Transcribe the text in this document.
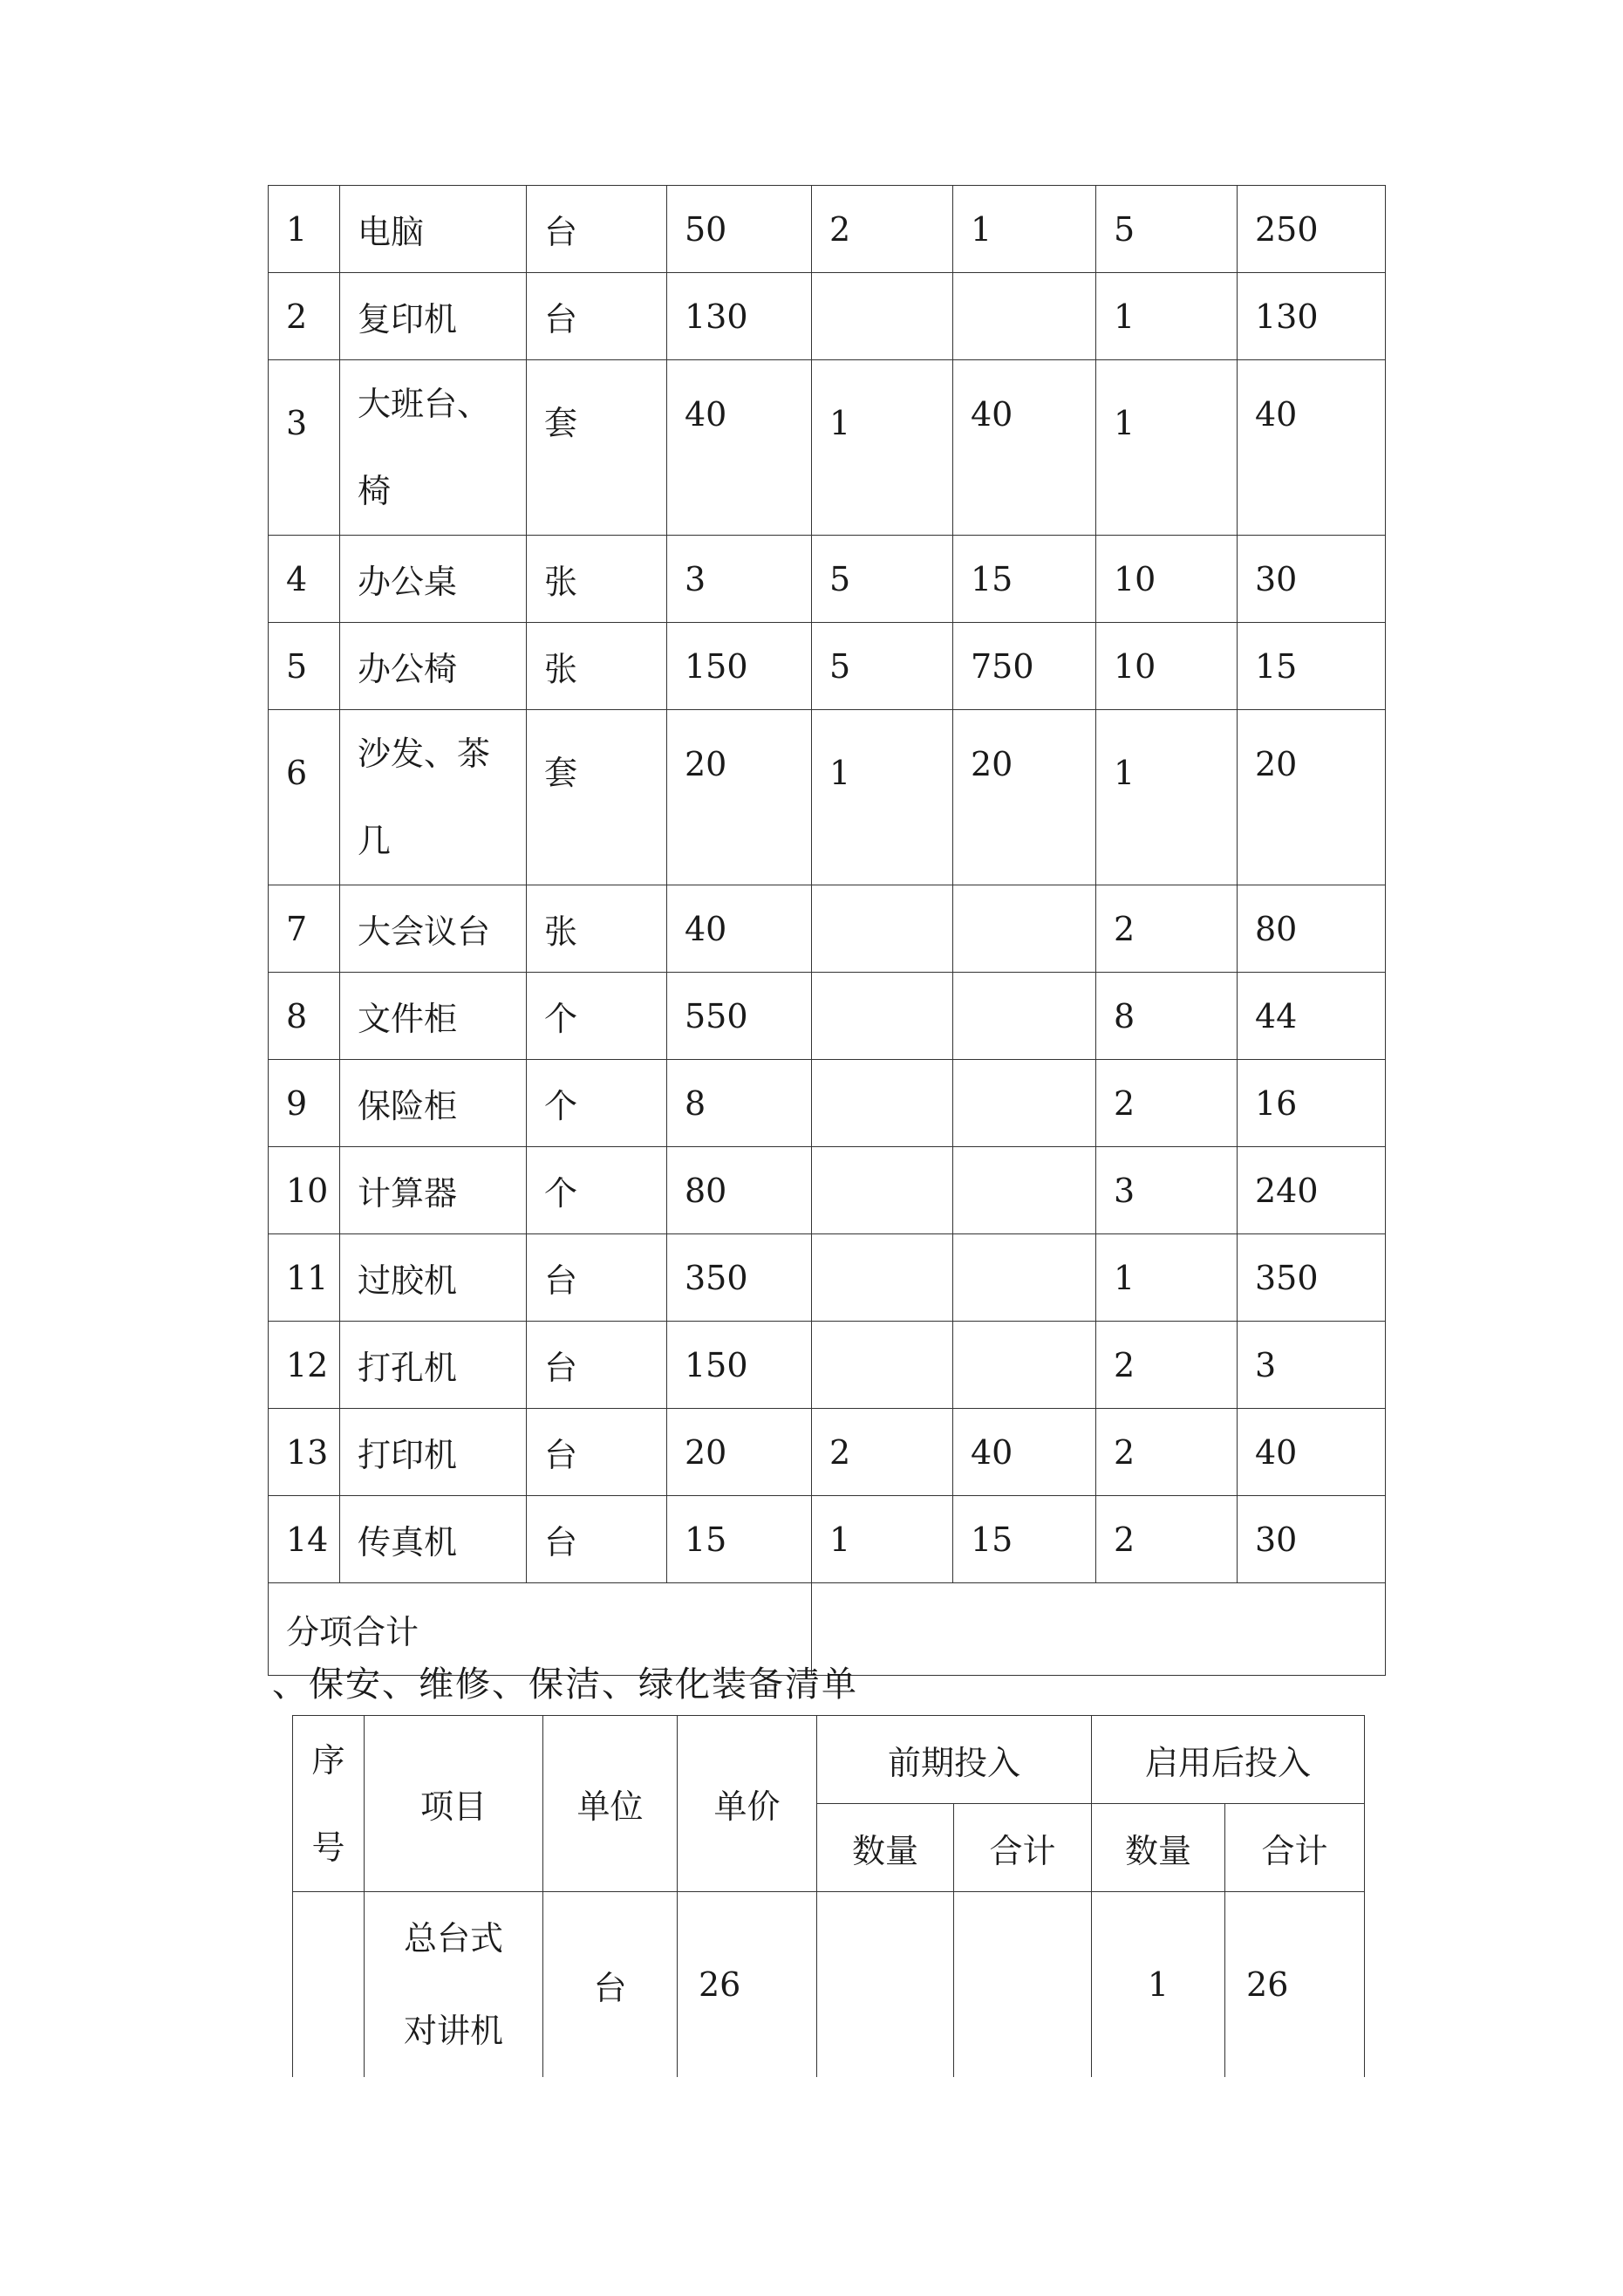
1	电脑	台	50	2	1	5	250
2	复印机	台	130			1	130
3	大班台、椅	套	40	1	40	1	40
4	办公桌	张	3	5	15	10	30
5	办公椅	张	150	5	750	10	15
6	沙发、茶几	套	20	1	20	1	20
7	大会议台	张	40			2	80
8	文件柜	个	550			8	44
9	保险柜	个	8			2	16
10	计算器	个	80			3	240
11	过胶机	台	350			1	350
12	打孔机	台	150			2	3
13	打印机	台	20	2	40	2	40
14	传真机	台	15	1	15	2	30
分项合计							
、保安、维修、保洁、绿化装备清单
序号	项目	单位	单价	前期投入		启用后投入	
				数量	合计	数量	合计
	总台式对讲机	台	26			1	26
